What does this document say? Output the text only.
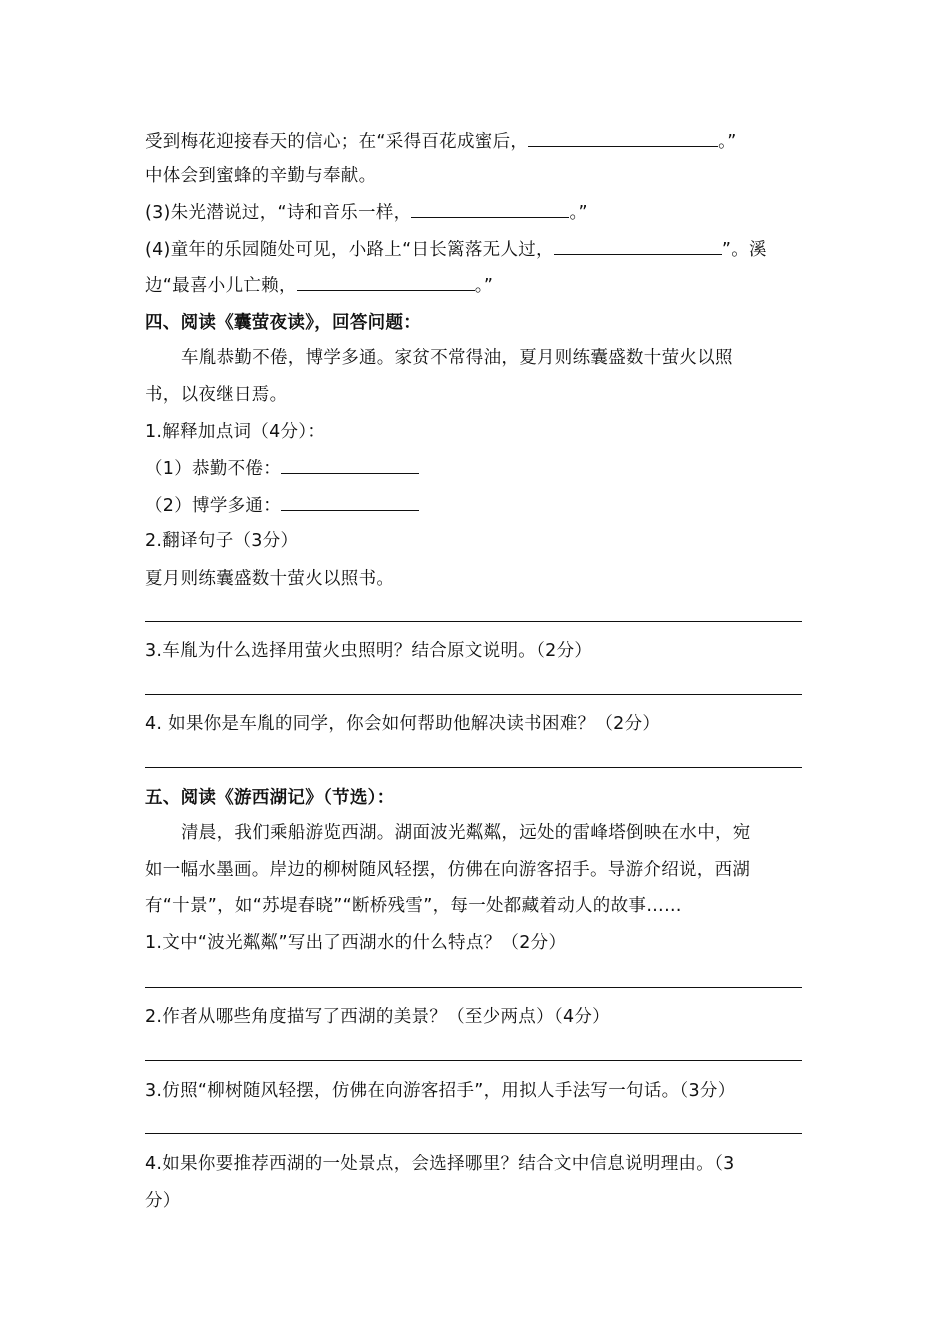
受到梅花迎接春天的信心；在“采得百花成蜜后，	。”
中体会到蜜蜂的辛勤与奉献。
(3)朱光潜说过，“诗和音乐一样，	。”
(4)童年的乐园随处可见，小路上“日长篱落无人过，	”。溪
边“最喜小儿亡赖，	。”
四、阅读《囊萤夜读》，回答问题：
车胤恭勤不倦，博学多通。家贫不常得油，夏月则练囊盛数十萤火以照
书，以夜继日焉。
1.解释加点词（4分）：
（1）恭勤不倦：
（2）博学多通：
2.翻译句子（3分）
夏月则练囊盛数十萤火以照书。
3.车胤为什么选择用萤火虫照明？结合原文说明。（2分）
4. 如果你是车胤的同学，你会如何帮助他解决读书困难？（2分）
五、阅读《游西湖记》（节选）：
清晨，我们乘船游览西湖。湖面波光粼粼，远处的雷峰塔倒映在水中，宛
如一幅水墨画。岸边的柳树随风轻摆，仿佛在向游客招手。导游介绍说，西湖
有“十景”，如“苏堤春晓”“断桥残雪”，每一处都藏着动人的故事……
1.文中“波光粼粼”写出了西湖水的什么特点？（2分）
2.作者从哪些角度描写了西湖的美景？（至少两点）（4分）
3.仿照“柳树随风轻摆，仿佛在向游客招手”，用拟人手法写一句话。（3分）
4.如果你要推荐西湖的一处景点，会选择哪里？结合文中信息说明理由。（3
分）
